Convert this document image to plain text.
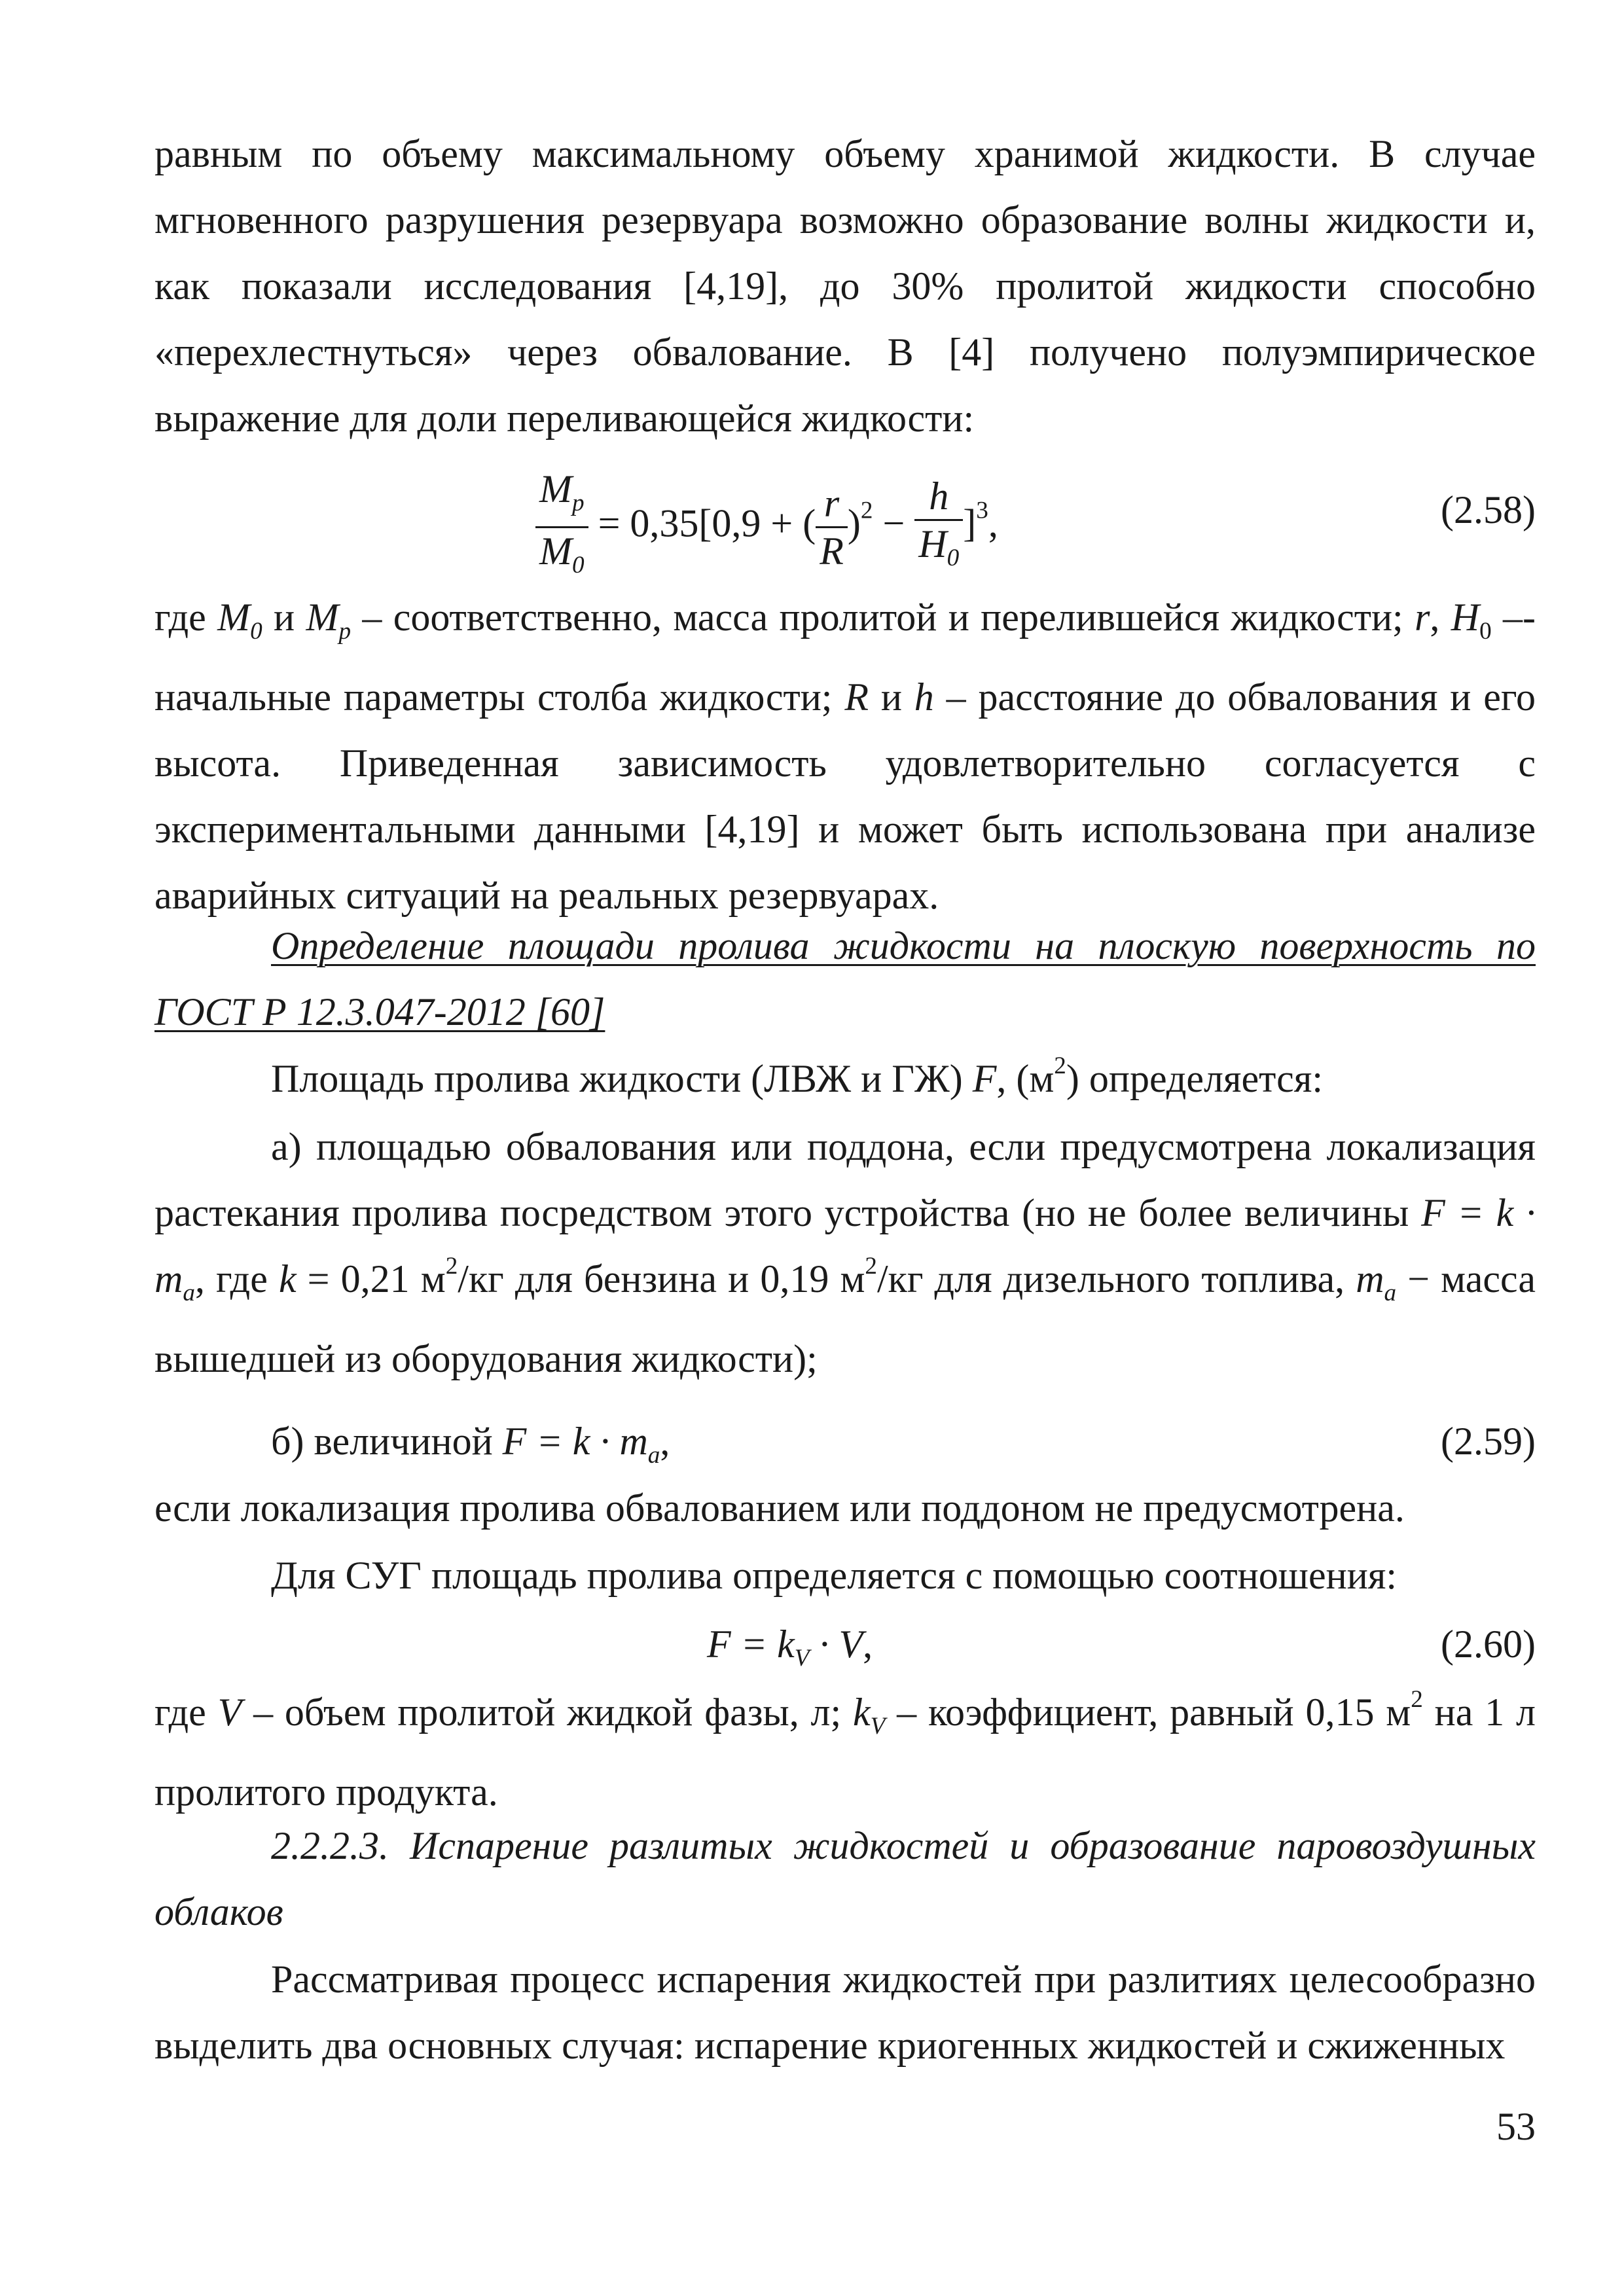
равным по объему максимальному объему хранимой жидкости. В случае мгновенного разрушения резервуара возможно образование волны жидкости и, как показали исследования [4,19], до 30% пролитой жидкости способно «перехлестнуться» через обвалование. В [4] получено полуэмпирическое выражение для доли переливающейся жидкости:

$\frac{M_p}{M_0} = 0,35[0,9$ + ( $\frac{r}{R} )^2 - \frac{h}{H_0} ]^3$,	(2.58)

где $M_0$ и $M_p$ – соответственно, масса пролитой и перелившейся жидкости; r, $H_0$ –- начальные параметры столба жидкости; R и h – расстояние до обвалования и его высота. Приведенная зависимость удовлетворительно согласуется с экспериментальными данными [4,19] и может быть использована при анализе аварийных ситуаций на реальных резервуарах.

Определение площади пролива жидкости на плоскую поверхность по ГОСТ Р 12.3.047-2012 [60]

Площадь пролива жидкости (ЛВЖ и ГЖ) F, $(м^2)$ определяется:

а) площадью обвалования или поддона, если предусмотрена локализация растекания пролива посредством этого устройства (но не более величины $F = k \cdot m_a$, где k = 0,21 $м^2/кг$ для бензина и 0,19 $м^2/кг$ для дизельного топлива, $m_a$ − масса вышедшей из оборудования жидкости);

б) величиной $F = k \cdot m_a$,	(2.59)

если локализация пролива обвалованием или поддоном не предусмотрена.

Для СУГ площадь пролива определяется с помощью соотношения:

$F = k_V \cdot V$,	(2.60)

где V – объем пролитой жидкой фазы, л; $k_V$ – коэффициент, равный 0,15 $м^2$ на 1 л пролитого продукта.

2.2.2.3. Испарение разлитых жидкостей и образование паровоздушных облаков

Рассматривая процесс испарения жидкостей при разлитиях целесообразно выделить два основных случая: испарение криогенных жидкостей и сжиженных

53
